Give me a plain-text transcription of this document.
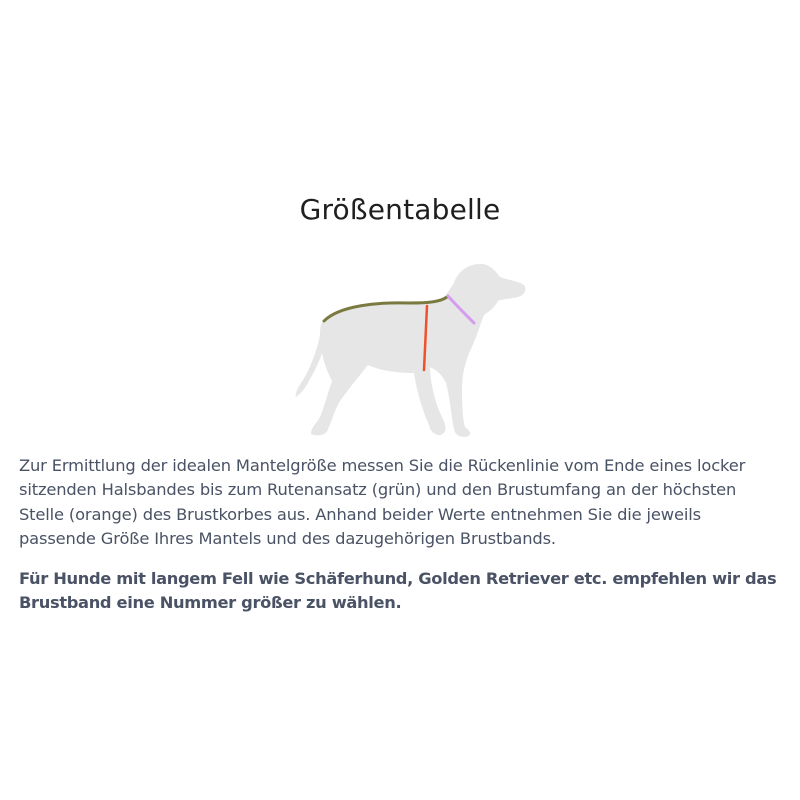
Größentabelle

Zur Ermittlung der idealen Mantelgröße messen Sie die Rückenlinie vom Ende eines locker sitzenden Halsbandes bis zum Rutenansatz (grün) und den Brustumfang an der höchsten Stelle (orange) des Brustkorbes aus. Anhand beider Werte entnehmen Sie die jeweils passende Größe Ihres Mantels und des dazugehörigen Brustbands.

Für Hunde mit langem Fell wie Schäferhund, Golden Retriever etc. empfehlen wir das Brustband eine Nummer größer zu wählen.
